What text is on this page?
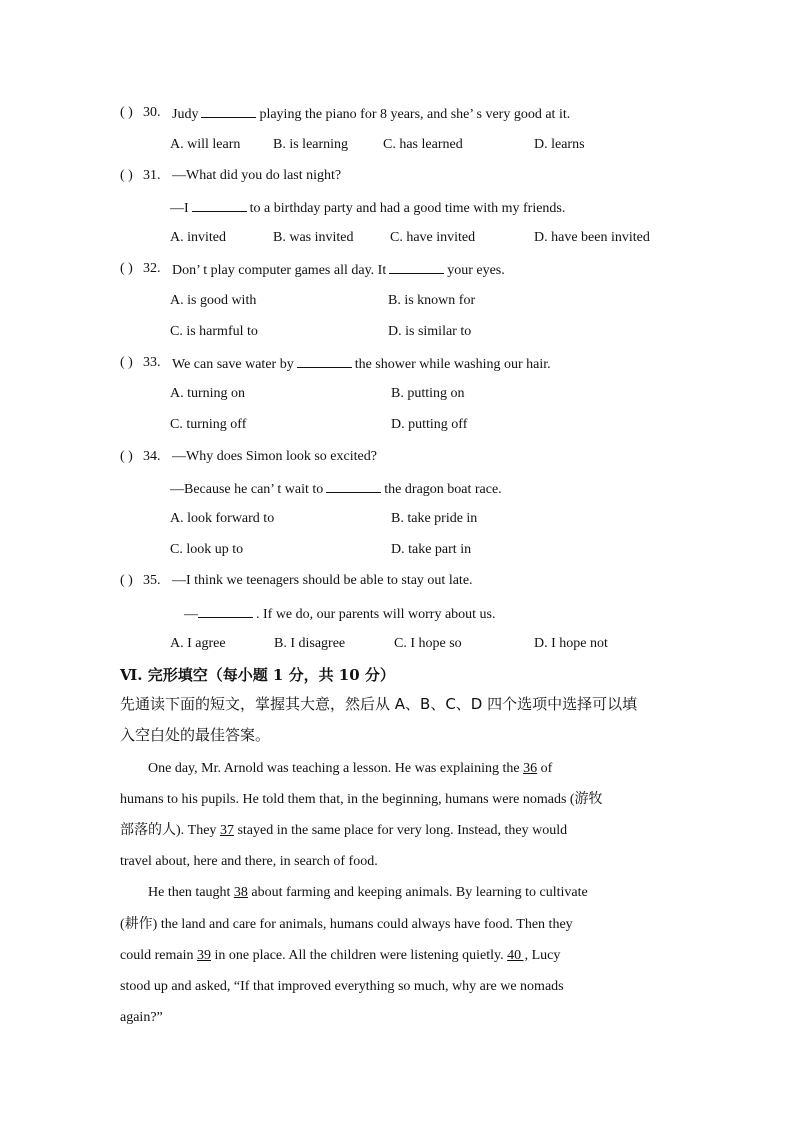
( ) 30. Judy	playing the piano for 8 years, and she’ s very good at it.
A. will learn B. is learning C. has learned	D. learns
( ) 31. —What did you do last night?
—I	to a birthday party and had a good time with my friends.
A. invited	B. was invited	C. have invited	D. have been invited
( ) 32. Don’ t play computer games all day. It	your eyes.
A. is good with	B. is known for
C. is harmful to	D. is similar to
( ) 33. We can save water by	the shower while washing our hair.
A. turning on	B. putting on
C. turning off	D. putting off
( ) 34. —Why does Simon look so excited?
—Because he can’ t wait to	the dragon boat race.
A. look forward to	B. take pride in
C. look up to	D. take part in
( ) 35. —I think we teenagers should be able to stay out late.
—	. If we do, our parents will worry about us.
A. I agree	B. I disagree	C. I hope so	D. I hope not
Ⅵ. 完形填空（每小题 1 分，共 10 分）
先通读下面的短文，掌握其大意，然后从 A、B、C、D 四个选项中选择可以填
入空白处的最佳答案。
One day, Mr. Arnold was teaching a lesson. He was explaining the 36 of
humans to his pupils. He told them that, in the beginning, humans were nomads (游牧
部落的人). They 37 stayed in the same place for very long. Instead, they would
travel about, here and there, in search of food.
He then taught 38 about farming and keeping animals. By learning to cultivate
(耕作) the land and care for animals, humans could always have food. Then they
could remain 39 in one place. All the children were listening quietly. 40 , Lucy
stood up and asked, “If that improved everything so much, why are we nomads
again?”
